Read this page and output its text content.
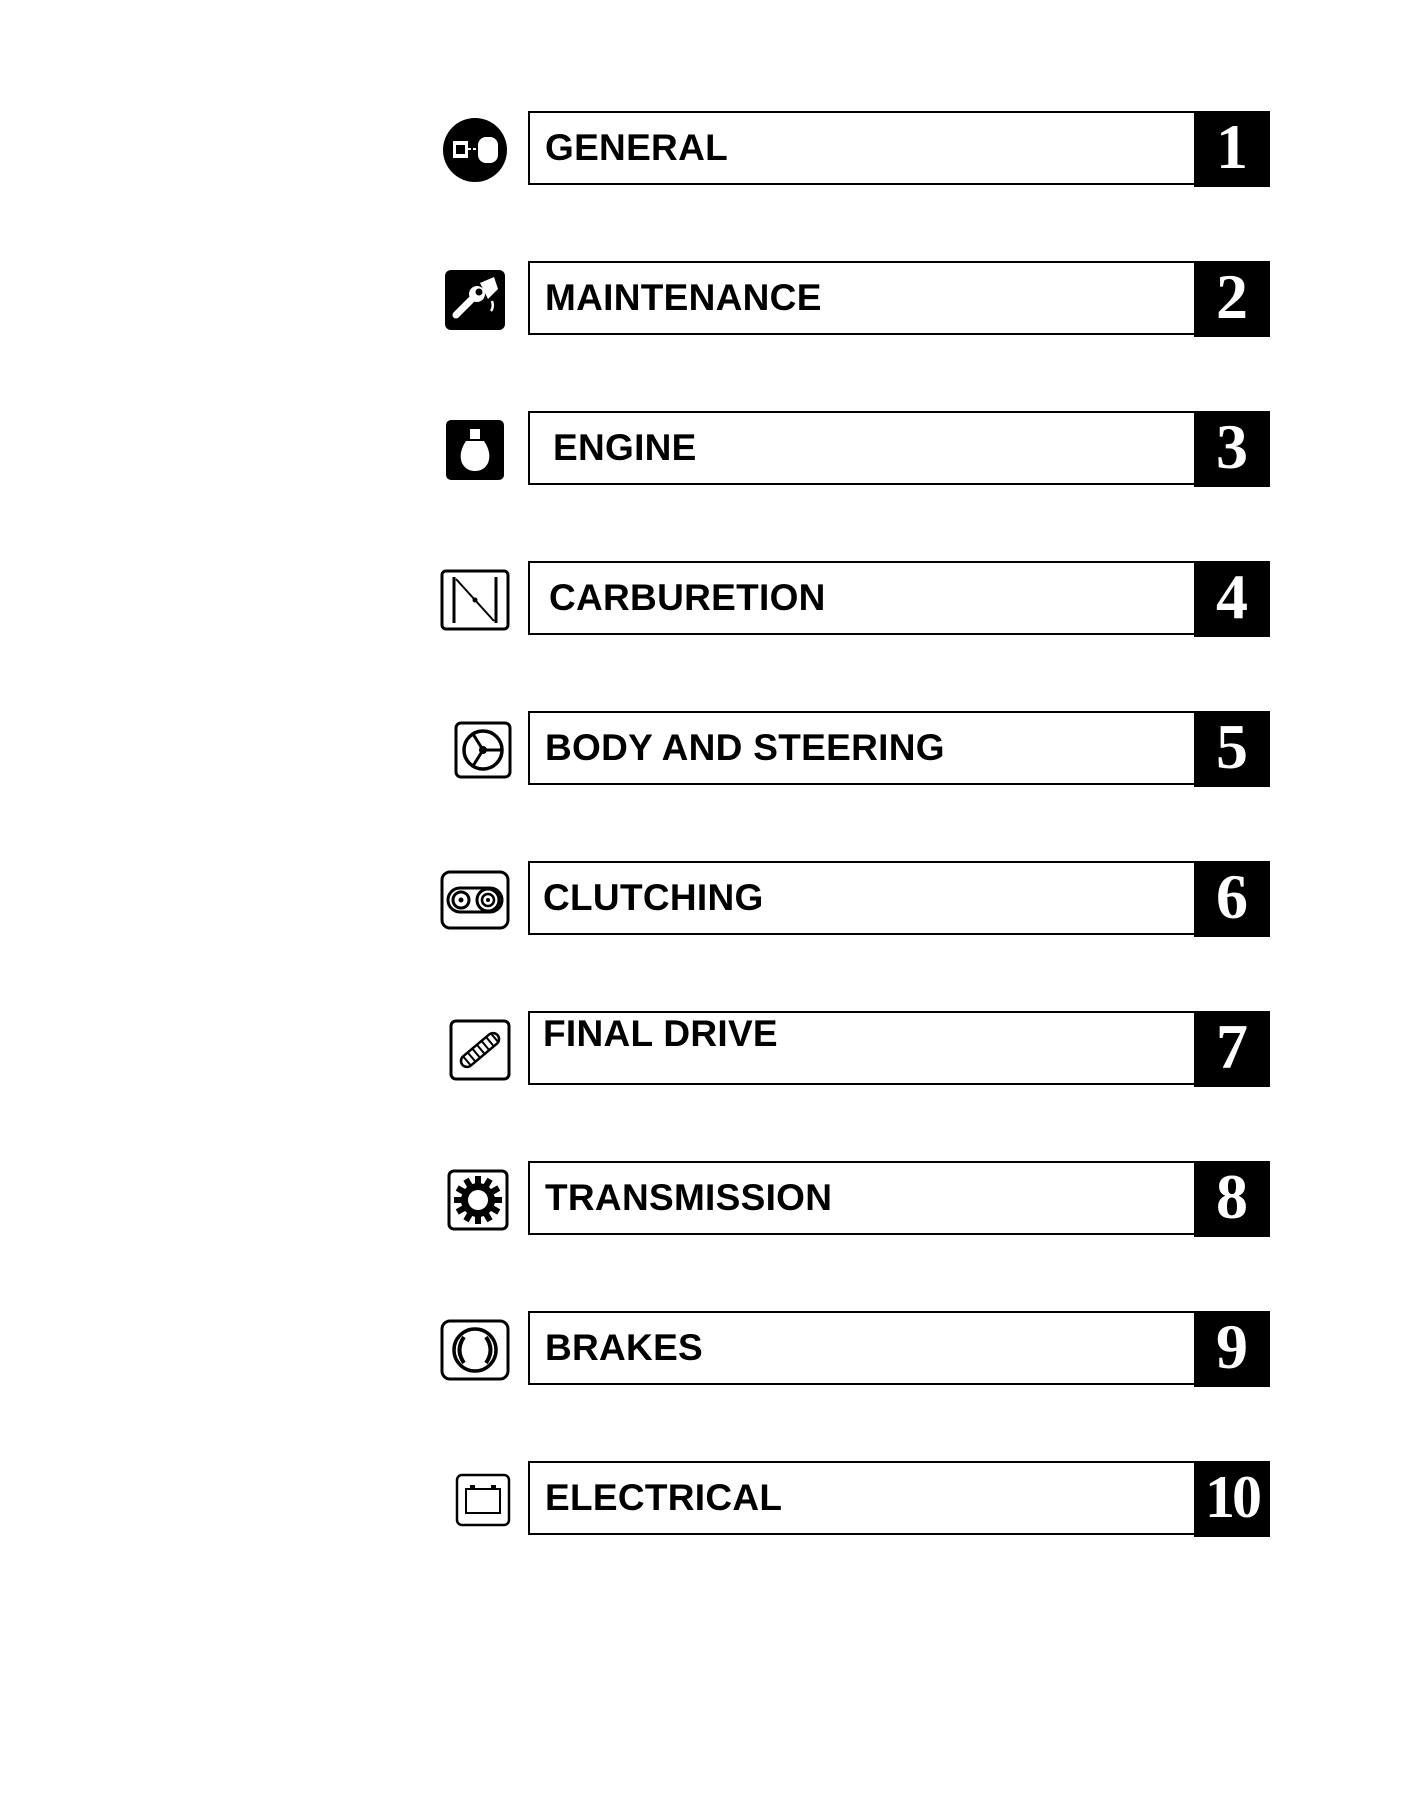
GENERAL	1
MAINTENANCE	2
ENGINE	3
CARBURETION	4
BODY AND STEERING	5
CLUTCHING	6
FINAL DRIVE	7
TRANSMISSION	8
BRAKES	9
ELECTRICAL	10
